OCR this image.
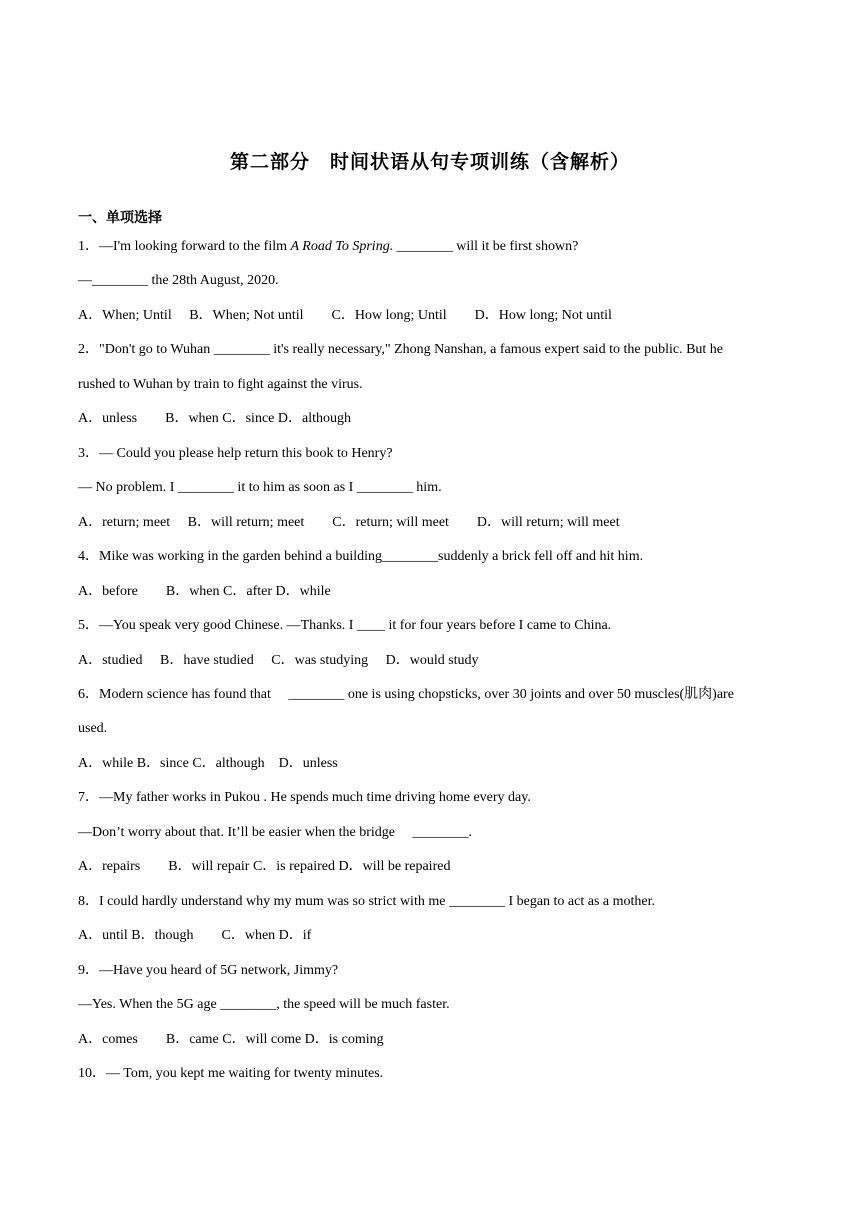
第二部分　时间状语从句专项训练（含解析）
一、单项选择
1．—I'm looking forward to the film A Road To Spring. ________ will it be first shown?
—________ the 28th August, 2020.
A．When; Until　 B．When; Not until　　C．How long; Until　　D．How long; Not until
2．"Don't go to Wuhan ________ it's really necessary," Zhong Nanshan, a famous expert said to the public. But he
rushed to Wuhan by train to fight against the virus.
A．unless　　B．when C．since D．although
3．— Could you please help return this book to Henry?
— No problem. I ________ it to him as soon as I ________ him.
A．return; meet　 B．will return; meet　　C．return; will meet　　D．will return; will meet
4．Mike was working in the garden behind a building________suddenly a brick fell off and hit him.
A．before　　B．when C．after D．while
5．—You speak very good Chinese. —Thanks. I ____ it for four years before I came to China.
A．studied　 B．have studied　 C．was studying　 D．would study
6．Modern science has found that　 ________ one is using chopsticks, over 30 joints and over 50 muscles(肌肉)are
used.
A．while B．since C．although　D．unless
7．—My father works in Pukou . He spends much time driving home every day.
—Don’t worry about that. It’ll be easier when the bridge　 ________.
A．repairs　　B．will repair C．is repaired D．will be repaired
8．I could hardly understand why my mum was so strict with me ________ I began to act as a mother.
A．until B．though　　C．when D．if
9．—Have you heard of 5G network, Jimmy?
—Yes. When the 5G age ________, the speed will be much faster.
A．comes　　B．came C．will come D．is coming
10．— Tom, you kept me waiting for twenty minutes.
